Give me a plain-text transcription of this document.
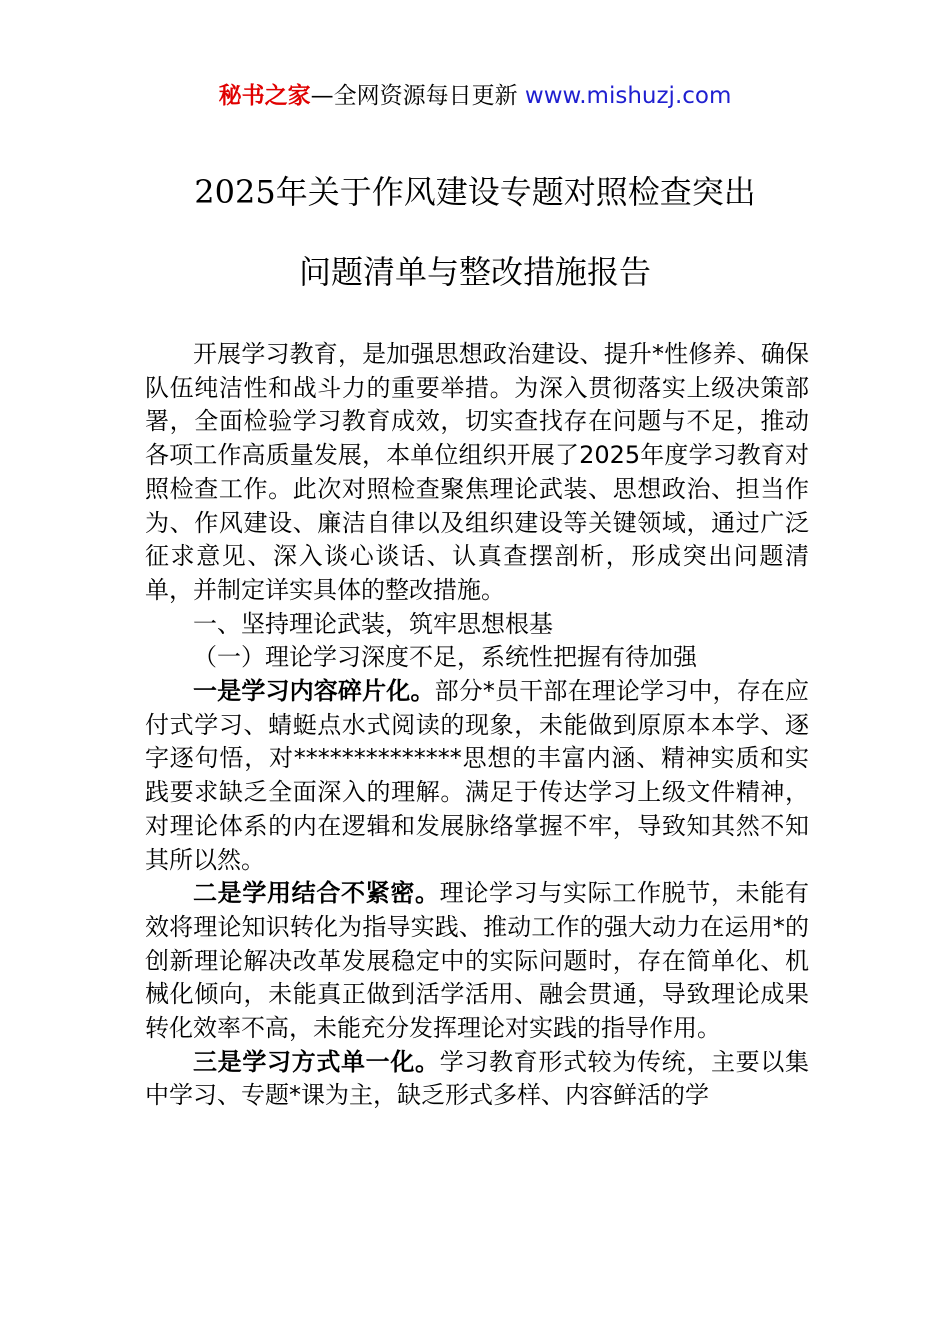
秘书之家—全网资源每日更新 www.mishuzj.com
2025年关于作风建设专题对照检查突出
问题清单与整改措施报告

开展学习教育，是加强思想政治建设、提升*性修养、确保队伍纯洁性和战斗力的重要举措。为深入贯彻落实上级决策部署，全面检验学习教育成效，切实查找存在问题与不足，推动各项工作高质量发展，本单位组织开展了2025年度学习教育对照检查工作。此次对照检查聚焦理论武装、思想政治、担当作为、作风建设、廉洁自律以及组织建设等关键领域，通过广泛征求意见、深入谈心谈话、认真查摆剖析，形成突出问题清单，并制定详实具体的整改措施。

一、坚持理论武装，筑牢思想根基

（一）理论学习深度不足，系统性把握有待加强

一是学习内容碎片化。部分*员干部在理论学习中，存在应付式学习、蜻蜓点水式阅读的现象，未能做到原原本本学、逐字逐句悟，对**************思想的丰富内涵、精神实质和实践要求缺乏全面深入的理解。满足于传达学习上级文件精神，对理论体系的内在逻辑和发展脉络掌握不牢，导致知其然不知其所以然。

二是学用结合不紧密。理论学习与实际工作脱节，未能有效将理论知识转化为指导实践、推动工作的强大动力在运用*的创新理论解决改革发展稳定中的实际问题时，存在简单化、机械化倾向，未能真正做到活学活用、融会贯通，导致理论成果转化效率不高，未能充分发挥理论对实践的指导作用。

三是学习方式单一化。学习教育形式较为传统，主要以集中学习、专题*课为主，缺乏形式多样、内容鲜活的学
